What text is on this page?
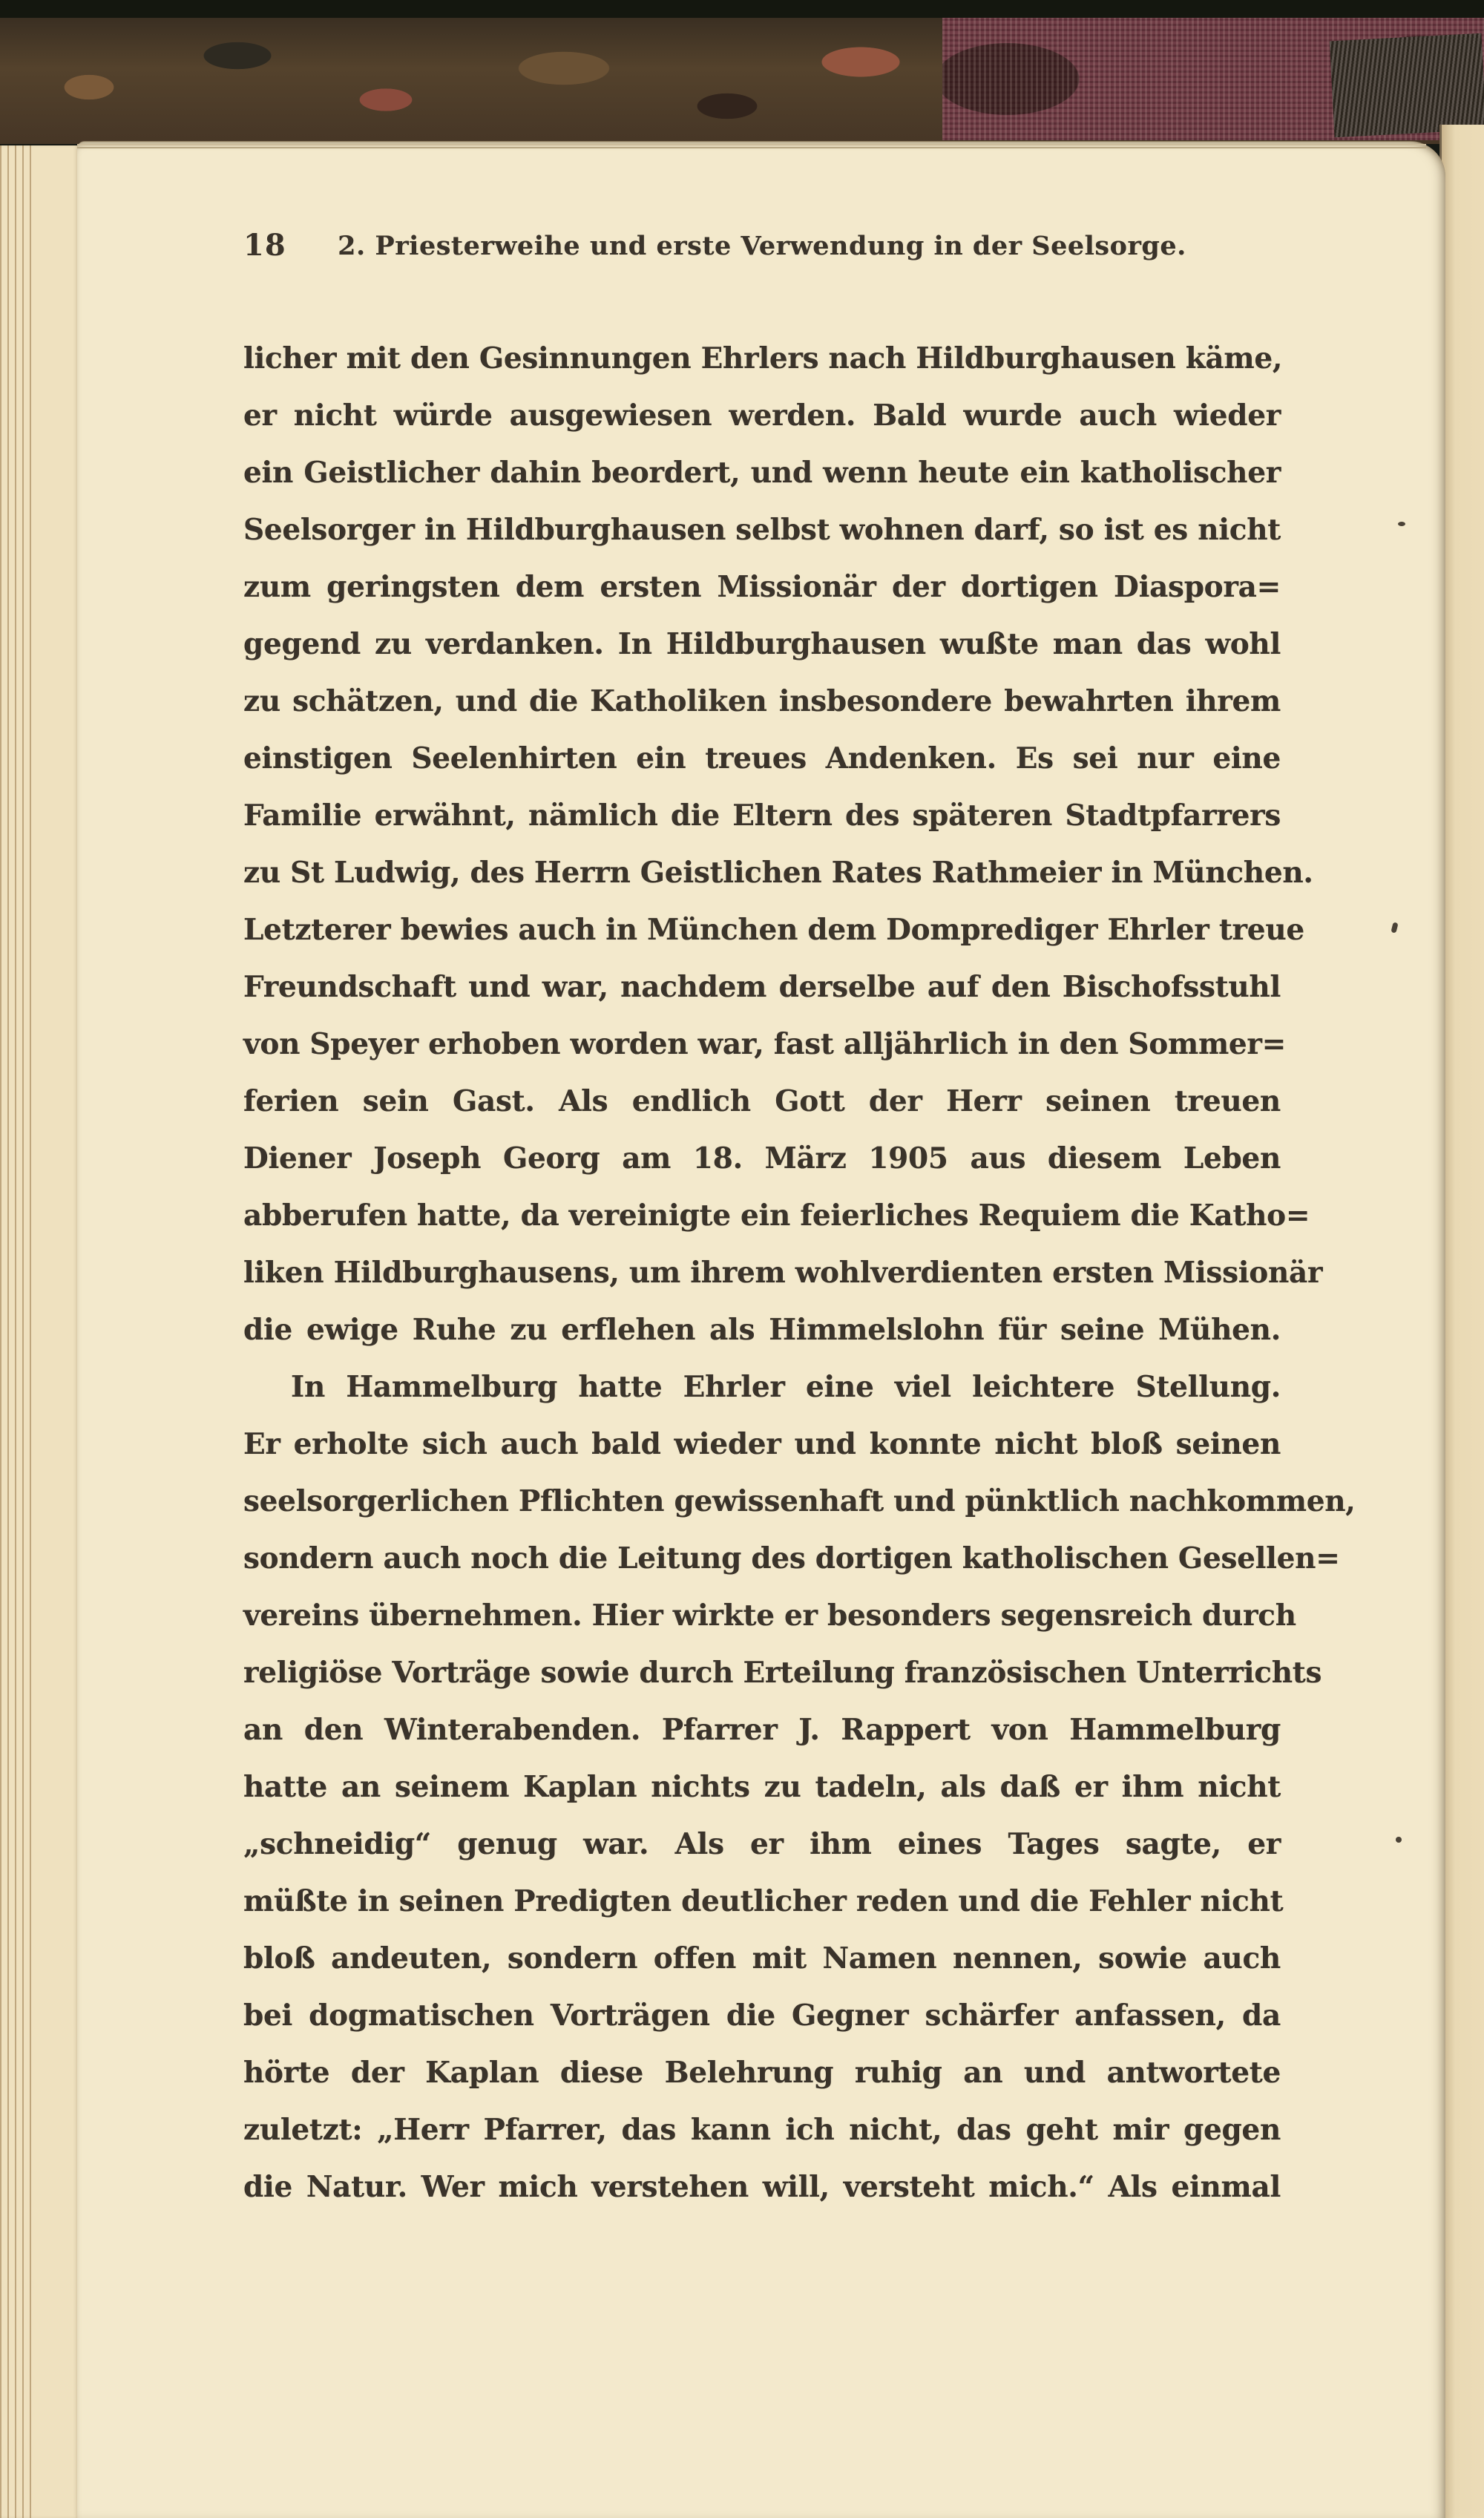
18	2. Priesterweihe und erste Verwendung in der Seelsorge.
licher mit den Gesinnungen Ehrlers nach Hildburghausen käme,
er nicht würde ausgewiesen werden. Bald wurde auch wieder
ein Geistlicher dahin beordert, und wenn heute ein katholischer
Seelsorger in Hildburghausen selbst wohnen darf, so ist es nicht
zum geringsten dem ersten Missionär der dortigen Diaspora=
gegend zu verdanken. In Hildburghausen wußte man das wohl
zu schätzen, und die Katholiken insbesondere bewahrten ihrem
einstigen Seelenhirten ein treues Andenken. Es sei nur eine
Familie erwähnt, nämlich die Eltern des späteren Stadtpfarrers
zu St Ludwig, des Herrn Geistlichen Rates Rathmeier in München.
Letzterer bewies auch in München dem Domprediger Ehrler treue
Freundschaft und war, nachdem derselbe auf den Bischofsstuhl
von Speyer erhoben worden war, fast alljährlich in den Sommer=
ferien sein Gast. Als endlich Gott der Herr seinen treuen
Diener Joseph Georg am 18. März 1905 aus diesem Leben
abberufen hatte, da vereinigte ein feierliches Requiem die Katho=
liken Hildburghausens, um ihrem wohlverdienten ersten Missionär
die ewige Ruhe zu erflehen als Himmelslohn für seine Mühen.
In Hammelburg hatte Ehrler eine viel leichtere Stellung.
Er erholte sich auch bald wieder und konnte nicht bloß seinen
seelsorgerlichen Pflichten gewissenhaft und pünktlich nachkommen,
sondern auch noch die Leitung des dortigen katholischen Gesellen=
vereins übernehmen. Hier wirkte er besonders segensreich durch
religiöse Vorträge sowie durch Erteilung französischen Unterrichts
an den Winterabenden. Pfarrer J. Rappert von Hammelburg
hatte an seinem Kaplan nichts zu tadeln, als daß er ihm nicht
„schneidig“ genug war. Als er ihm eines Tages sagte, er
müßte in seinen Predigten deutlicher reden und die Fehler nicht
bloß andeuten, sondern offen mit Namen nennen, sowie auch
bei dogmatischen Vorträgen die Gegner schärfer anfassen, da
hörte der Kaplan diese Belehrung ruhig an und antwortete
zuletzt: „Herr Pfarrer, das kann ich nicht, das geht mir gegen
die Natur. Wer mich verstehen will, versteht mich.“ Als einmal
